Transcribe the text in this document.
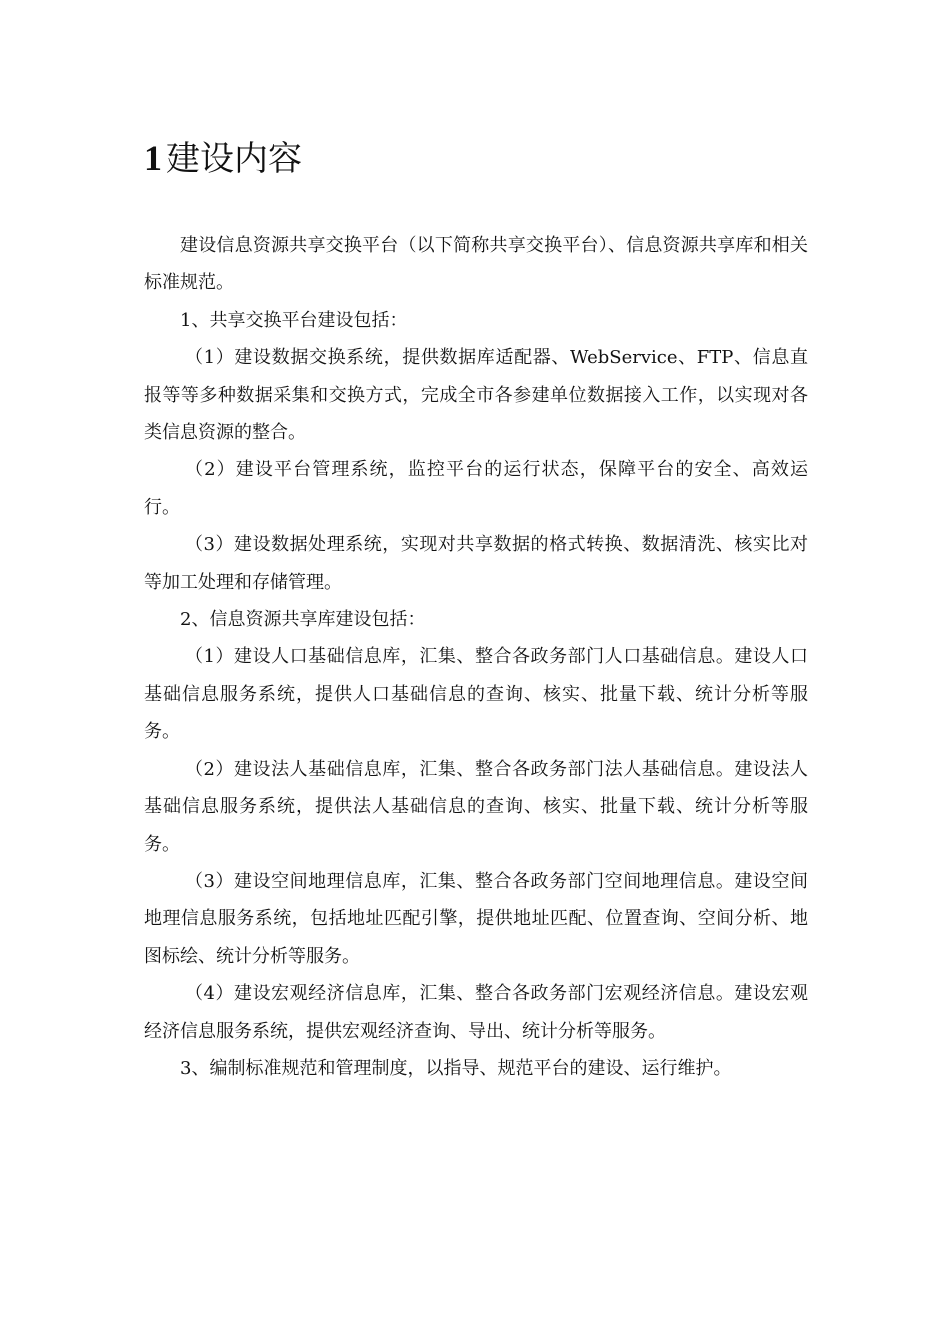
1 建设内容

建设信息资源共享交换平台（以下简称共享交换平台）、信息资源共享库和相关标准规范。

1、共享交换平台建设包括：

（1）建设数据交换系统，提供数据库适配器、WebService、FTP、信息直报等等多种数据采集和交换方式，完成全市各参建单位数据接入工作，以实现对各类信息资源的整合。

（2）建设平台管理系统，监控平台的运行状态，保障平台的安全、高效运行。

（3）建设数据处理系统，实现对共享数据的格式转换、数据清洗、核实比对等加工处理和存储管理。

2、信息资源共享库建设包括：

（1）建设人口基础信息库，汇集、整合各政务部门人口基础信息。建设人口基础信息服务系统，提供人口基础信息的查询、核实、批量下载、统计分析等服务。

（2）建设法人基础信息库，汇集、整合各政务部门法人基础信息。建设法人基础信息服务系统，提供法人基础信息的查询、核实、批量下载、统计分析等服务。

（3）建设空间地理信息库，汇集、整合各政务部门空间地理信息。建设空间地理信息服务系统，包括地址匹配引擎，提供地址匹配、位置查询、空间分析、地图标绘、统计分析等服务。

（4）建设宏观经济信息库，汇集、整合各政务部门宏观经济信息。建设宏观经济信息服务系统，提供宏观经济查询、导出、统计分析等服务。

3、编制标准规范和管理制度，以指导、规范平台的建设、运行维护。
